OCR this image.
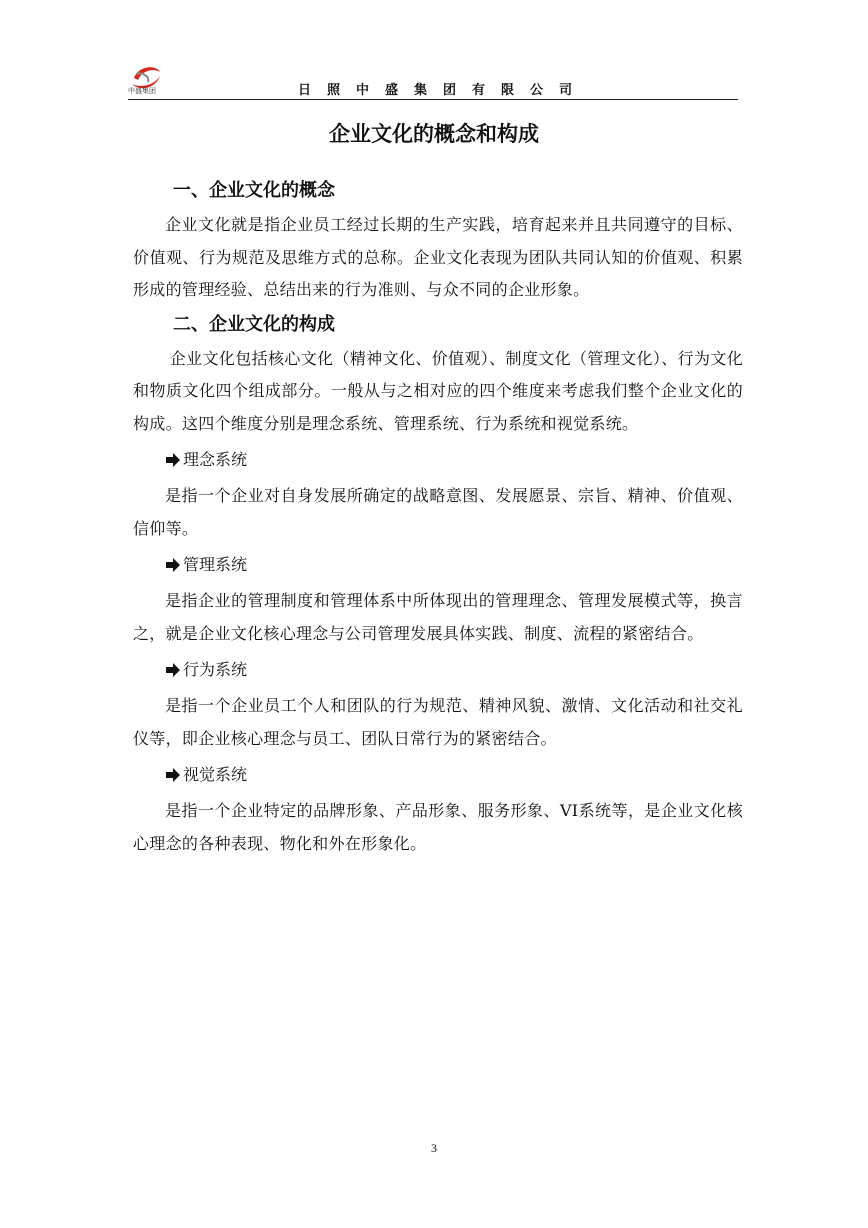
中盛集团	日照中盛集团有限公司
企业文化的概念和构成
一、企业文化的概念

企业文化就是指企业员工经过长期的生产实践，培育起来并且共同遵守的目标、价值观、行为规范及思维方式的总称。企业文化表现为团队共同认知的价值观、积累形成的管理经验、总结出来的行为准则、与众不同的企业形象。

二、企业文化的构成

企业文化包括核心文化（精神文化、价值观）、制度文化（管理文化）、行为文化和物质文化四个组成部分。一般从与之相对应的四个维度来考虑我们整个企业文化的构成。这四个维度分别是理念系统、管理系统、行为系统和视觉系统。

理念系统

是指一个企业对自身发展所确定的战略意图、发展愿景、宗旨、精神、价值观、信仰等。

管理系统

是指企业的管理制度和管理体系中所体现出的管理理念、管理发展模式等，换言之，就是企业文化核心理念与公司管理发展具体实践、制度、流程的紧密结合。

行为系统

是指一个企业员工个人和团队的行为规范、精神风貌、激情、文化活动和社交礼仪等，即企业核心理念与员工、团队日常行为的紧密结合。

视觉系统

是指一个企业特定的品牌形象、产品形象、服务形象、VI系统等，是企业文化核心理念的各种表现、物化和外在形象化。

3
